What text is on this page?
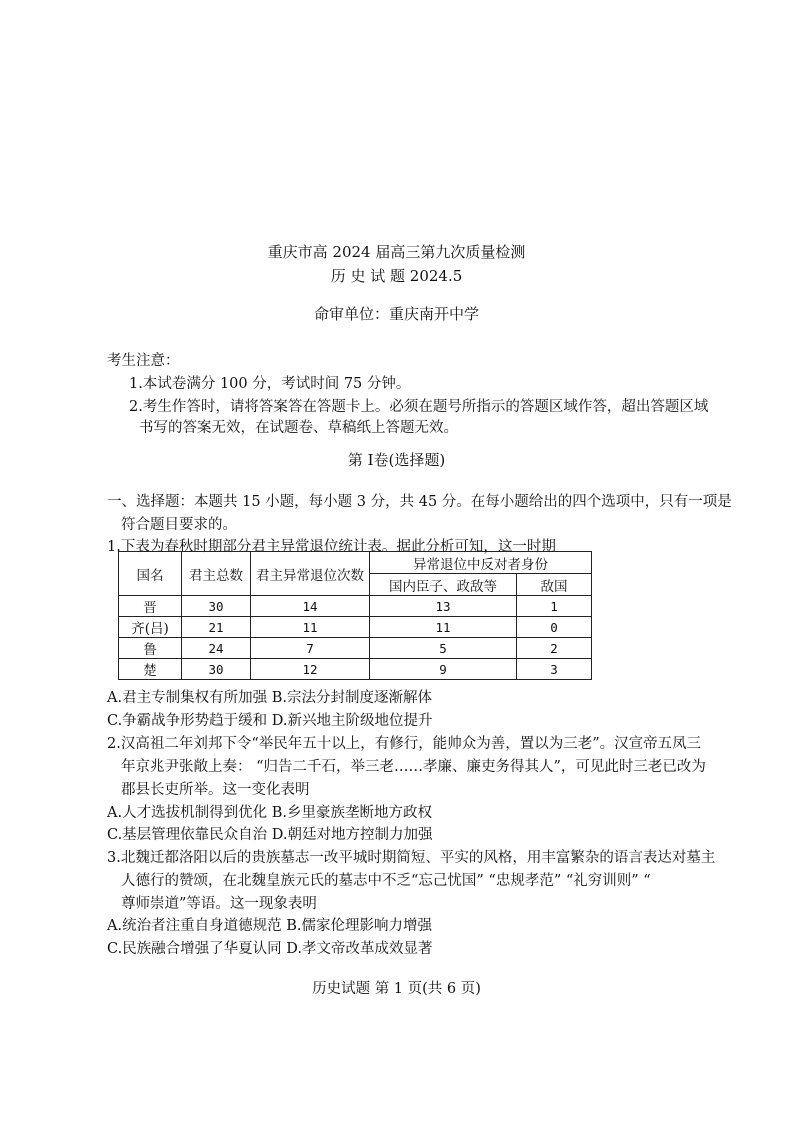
重庆市高 2024 届高三第九次质量检测
历 史 试 题 2024.5
命审单位：重庆南开中学
考生注意：
1.本试卷满分 100 分，考试时间 75 分钟。
2.考生作答时，请将答案答在答题卡上。必须在题号所指示的答题区域作答，超出答题区域
书写的答案无效，在试题卷、草稿纸上答题无效。
第 Ⅰ卷(选择题)
一、选择题：本题共 15 小题，每小题 3 分，共 45 分。在每小题给出的四个选项中，只有一项是
符合题目要求的。
1.下表为春秋时期部分君主异常退位统计表。据此分析可知，这一时期
国名	君主总数	君主异常退位次数	异常退位中反对者身份	
			国内臣子、政敌等	敌国
晋	30	14	13	1
齐(吕)	21	11	11	0
鲁	24	7	5	2
楚	30	12	9	3
A.君主专制集权有所加强 B.宗法分封制度逐渐解体
C.争霸战争形势趋于缓和 D.新兴地主阶级地位提升
2.汉高祖二年刘邦下令“举民年五十以上，有修行，能帅众为善，置以为三老”。汉宣帝五凤三
年京兆尹张敞上奏： “归告二千石，举三老……孝廉、廉吏务得其人”，可见此时三老已改为
郡县长吏所举。这一变化表明
A.人才选拔机制得到优化 B.乡里豪族垄断地方政权
C.基层管理依靠民众自治 D.朝廷对地方控制力加强
3.北魏迁都洛阳以后的贵族墓志一改平城时期简短、平实的风格，用丰富繁杂的语言表达对墓主
人德行的赞颂，在北魏皇族元氏的墓志中不乏“忘己忧国” “忠规孝范” “礼穷训则” “
尊师崇道”等语。这一现象表明
A.统治者注重自身道德规范 B.儒家伦理影响力增强
C.民族融合增强了华夏认同 D.孝文帝改革成效显著
历史试题 第 1 页(共 6 页)
